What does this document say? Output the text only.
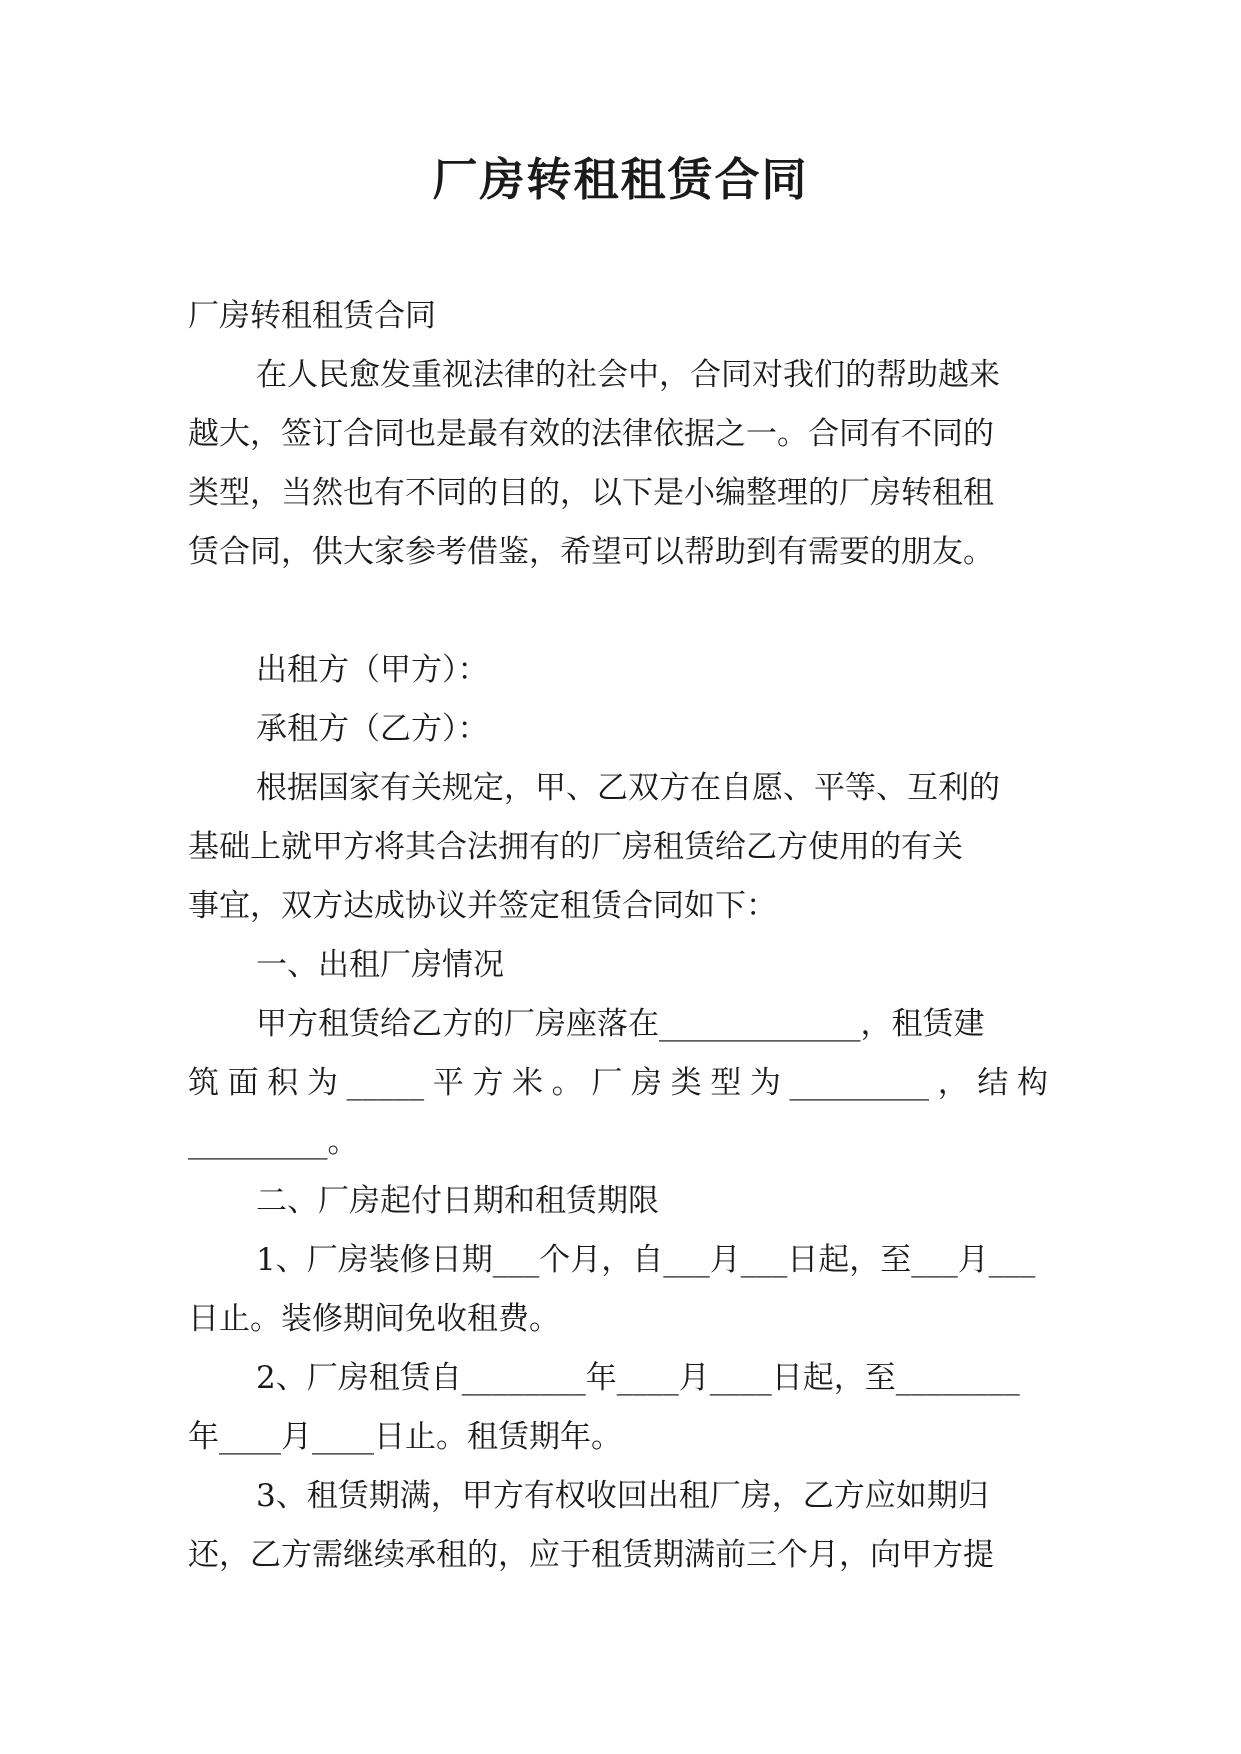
厂房转租租赁合同
厂房转租租赁合同
在人民愈发重视法律的社会中，合同对我们的帮助越来
越大，签订合同也是最有效的法律依据之一。合同有不同的
类型，当然也有不同的目的，以下是小编整理的厂房转租租
赁合同，供大家参考借鉴，希望可以帮助到有需要的朋友。
出租方（甲方）：
承租方（乙方）：
根据国家有关规定，甲、乙双方在自愿、平等、互利的
基础上就甲方将其合法拥有的厂房租赁给乙方使用的有关
事宜，双方达成协议并签定租赁合同如下：
一、出租厂房情况
甲方租赁给乙方的厂房座落在_____________，租赁建
筑面积为_____平方米。厂房类型为_________，结构
_________。
二、厂房起付日期和租赁期限
1、厂房装修日期___个月，自___月___日起，至___月___
日止。装修期间免收租费。
2、厂房租赁自________年____月____日起，至________
年____月____日止。租赁期年。
3、租赁期满，甲方有权收回出租厂房，乙方应如期归
还，乙方需继续承租的，应于租赁期满前三个月，向甲方提
